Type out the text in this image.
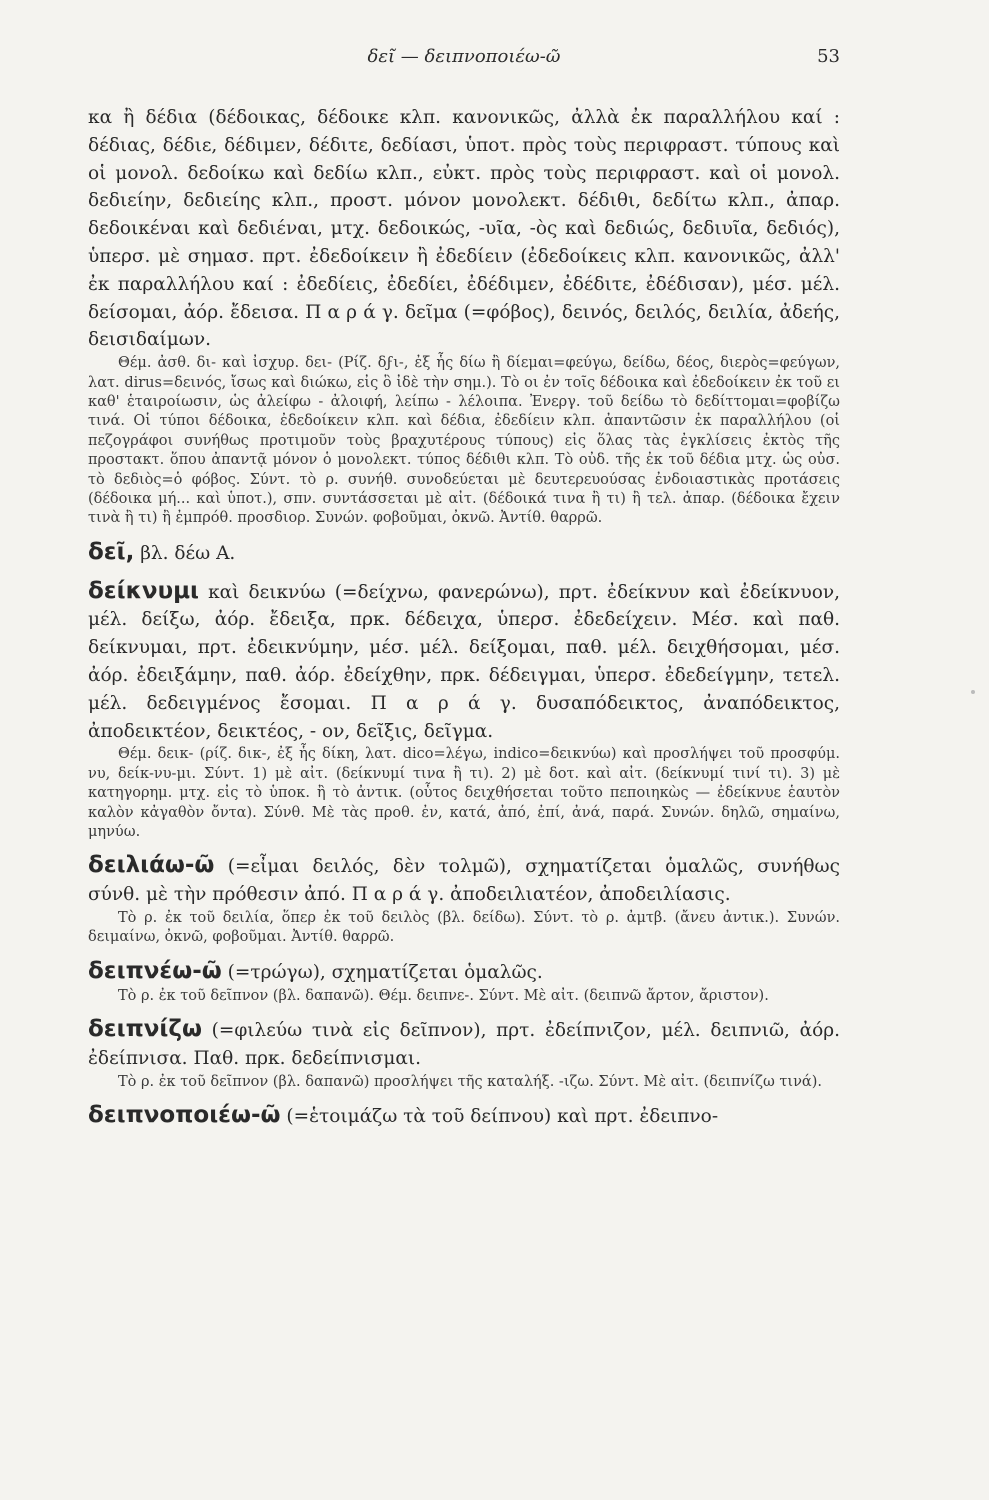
δεῖ — δειπνοποιέω-ῶ	53

κα ἢ δέδια (δέδοικας, δέδοικε κλπ. κανονικῶς, ἀλλὰ ἐκ παραλλήλου καί : δέδιας, δέδιε, δέδιμεν, δέδιτε, δεδίασι, ὑποτ. πρὸς τοὺς περιφραστ. τύπους καὶ οἱ μονολ. δεδοίκω καὶ δεδίω κλπ., εὐκτ. πρὸς τοὺς περιφραστ. καὶ οἱ μονολ. δεδιείην, δεδιείης κλπ., προστ. μόνον μονολεκτ. δέδιθι, δεδίτω κλπ., ἀπαρ. δεδοικέναι καὶ δεδιέναι, μτχ. δεδοικώς, -υῖα, -ὸς καὶ δεδιώς, δεδιυῖα, δεδιός), ὑπερσ. μὲ σημασ. πρτ. ἐδεδοίκειν ἢ ἐδεδίειν (ἐδεδοίκεις κλπ. κανονικῶς, ἀλλ' ἐκ παραλλήλου καί : ἐδεδίεις, ἐδεδίει, ἐδέδιμεν, ἐδέδιτε, ἐδέδισαν), μέσ. μέλ. δείσομαι, ἀόρ. ἔδεισα. Π α ρ ά γ. δεῖμα (=φόβος), δεινός, δειλός, δειλία, ἀδεής, δεισιδαίμων.

Θέμ. ἀσθ. δι- καὶ ἰσχυρ. δει- (Ρίζ. δϝι-, ἐξ ἧς δίω ἢ δίεμαι=φεύγω, δείδω, δέος, διερὸς=φεύγων, λατ. dirus=δεινός, ἴσως καὶ διώκω, εἰς ὃ ἰδὲ τὴν σημ.). Τὸ οι ἐν τοῖς δέδοικα καὶ ἐδεδοίκειν ἐκ τοῦ ει καθ' ἑταιροίωσιν, ὡς ἀλείφω - ἀλοιφή, λείπω - λέλοιπα. Ἐνεργ. τοῦ δείδω τὸ δεδίττομαι=φοβίζω τινά. Οἱ τύποι δέδοικα, ἐδεδοίκειν κλπ. καὶ δέδια, ἐδεδίειν κλπ. ἀπαντῶσιν ἐκ παραλλήλου (οἱ πεζογράφοι συνήθως προτιμοῦν τοὺς βραχυτέρους τύπους) εἰς ὅλας τὰς ἐγκλίσεις ἐκτὸς τῆς προστακτ. ὅπου ἀπαντᾷ μόνον ὁ μονολεκτ. τύπος δέδιθι κλπ. Τὸ οὐδ. τῆς ἐκ τοῦ δέδια μτχ. ὡς οὐσ. τὸ δεδιὸς=ὁ φόβος. Σύντ. τὸ ρ. συνήθ. συνοδεύεται μὲ δευτερευούσας ἐνδοιαστικὰς προτάσεις (δέδοικα μή... καὶ ὑποτ.), σπν. συντάσσεται μὲ αἰτ. (δέδοικά τινα ἢ τι) ἢ τελ. ἀπαρ. (δέδοικα ἔχειν τινὰ ἢ τι) ἢ ἐμπρόθ. προσδιορ. Συνών. φοβοῦμαι, ὀκνῶ. Ἀντίθ. θαρρῶ.

δεῖ, βλ. δέω Α.

δείκνυμι καὶ δεικνύω (=δείχνω, φανερώνω), πρτ. ἐδείκνυν καὶ ἐδείκνυον, μέλ. δείξω, ἀόρ. ἔδειξα, πρκ. δέδειχα, ὑπερσ. ἐδεδείχειν. Μέσ. καὶ παθ. δείκνυμαι, πρτ. ἐδεικνύμην, μέσ. μέλ. δείξομαι, παθ. μέλ. δειχθήσομαι, μέσ. ἀόρ. ἐδειξάμην, παθ. ἀόρ. ἐδείχθην, πρκ. δέδειγμαι, ὑπερσ. ἐδεδείγμην, τετελ. μέλ. δεδειγμένος ἔσομαι. Π α ρ ά γ. δυσαπόδεικτος, ἀναπόδεικτος, ἀποδεικτέον, δεικτέος, - ον, δεῖξις, δεῖγμα.

Θέμ. δεικ- (ρίζ. δικ-, ἐξ ἧς δίκη, λατ. dico=λέγω, indico=δεικνύω) καὶ προσλήψει τοῦ προσφύμ. νυ, δείκ-νυ-μι. Σύντ. 1) μὲ αἰτ. (δείκνυμί τινα ἢ τι). 2) μὲ δοτ. καὶ αἰτ. (δείκνυμί τινί τι). 3) μὲ κατηγορημ. μτχ. εἰς τὸ ὑποκ. ἢ τὸ ἀντικ. (οὗτος δειχθήσεται τοῦτο πεποιηκὼς — ἐδείκνυε ἑαυτὸν καλὸν κἀγαθὸν ὄντα). Σύνθ. Μὲ τὰς προθ. ἐν, κατά, ἀπό, ἐπί, ἀνά, παρά. Συνών. δηλῶ, σημαίνω, μηνύω.

δειλιάω-ῶ (=εἶμαι δειλός, δὲν τολμῶ), σχηματίζεται ὁμαλῶς, συνήθως σύνθ. μὲ τὴν πρόθεσιν ἀπό. Π α ρ ά γ. ἀποδειλιατέον, ἀποδειλίασις.

Τὸ ρ. ἐκ τοῦ δειλία, ὅπερ ἐκ τοῦ δειλὸς (βλ. δείδω). Σύντ. τὸ ρ. ἀμτβ. (ἄνευ ἀντικ.). Συνών. δειμαίνω, ὀκνῶ, φοβοῦμαι. Ἀντίθ. θαρρῶ.

δειπνέω-ῶ (=τρώγω), σχηματίζεται ὁμαλῶς.

Τὸ ρ. ἐκ τοῦ δεῖπνον (βλ. δαπανῶ). Θέμ. δειπνε-. Σύντ. Μὲ αἰτ. (δειπνῶ ἄρτον, ἄριστον).

δειπνίζω (=φιλεύω τινὰ εἰς δεῖπνον), πρτ. ἐδείπνιζον, μέλ. δειπνιῶ, ἀόρ. ἐδείπνισα. Παθ. πρκ. δεδείπνισμαι.

Τὸ ρ. ἐκ τοῦ δεῖπνον (βλ. δαπανῶ) προσλήψει τῆς καταλήξ. -ιζω. Σύντ. Μὲ αἰτ. (δειπνίζω τινά).

δειπνοποιέω-ῶ (=ἑτοιμάζω τὰ τοῦ δείπνου) καὶ πρτ. ἐδειπνο-
